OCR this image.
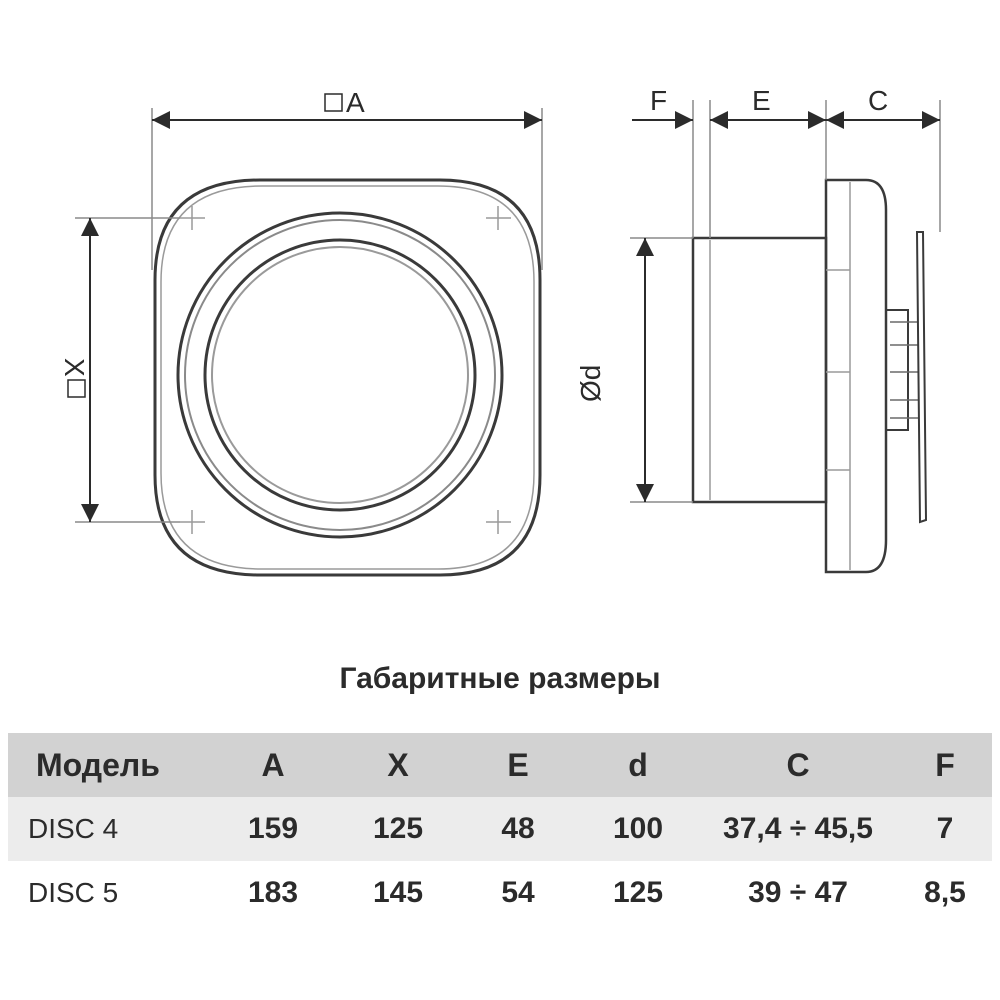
A
X
F	E	C
Ød
Габаритные размеры
Модель	A	X	E	d	C	F
DISC 4	159	125	48	100	37,4 ÷ 45,5	7
DISC 5	183	145	54	125	39 ÷ 47	8,5
